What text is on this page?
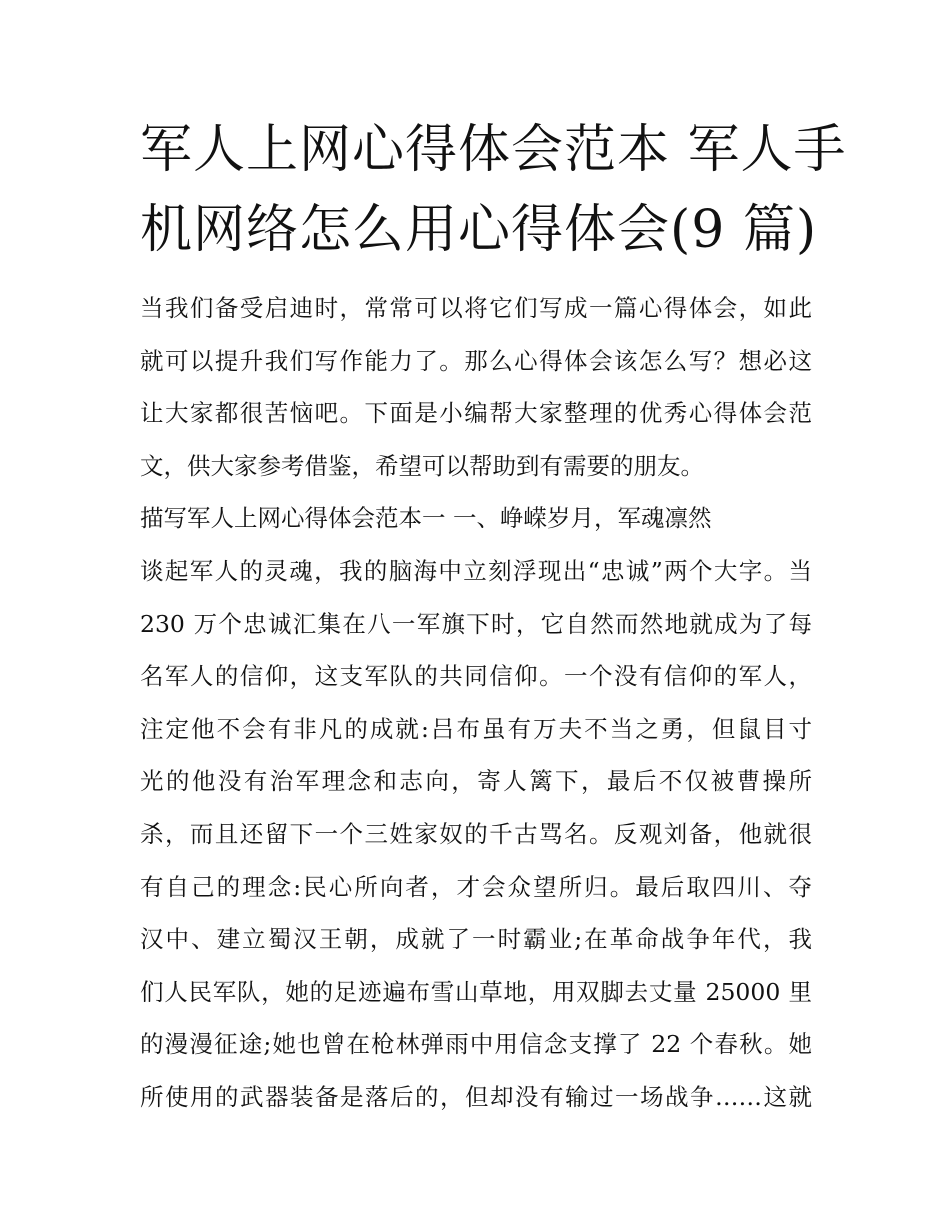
军人上网心得体会范本 军人手
机网络怎么用心得体会(9 篇)
当我们备受启迪时，常常可以将它们写成一篇心得体会，如此
就可以提升我们写作能力了。那么心得体会该怎么写？想必这
让大家都很苦恼吧。下面是小编帮大家整理的优秀心得体会范
文，供大家参考借鉴，希望可以帮助到有需要的朋友。
描写军人上网心得体会范本一 一、峥嵘岁月，军魂凛然
谈起军人的灵魂，我的脑海中立刻浮现出“忠诚”两个大字。当
230 万个忠诚汇集在八一军旗下时，它自然而然地就成为了每
名军人的信仰，这支军队的共同信仰。一个没有信仰的军人，
注定他不会有非凡的成就:吕布虽有万夫不当之勇，但鼠目寸
光的他没有治军理念和志向，寄人篱下，最后不仅被曹操所
杀，而且还留下一个三姓家奴的千古骂名。反观刘备，他就很
有自己的理念:民心所向者，才会众望所归。最后取四川、夺
汉中、建立蜀汉王朝，成就了一时霸业;在革命战争年代，我
们人民军队，她的足迹遍布雪山草地，用双脚去丈量 25000 里
的漫漫征途;她也曾在枪林弹雨中用信念支撑了 22 个春秋。她
所使用的武器装备是落后的，但却没有输过一场战争……这就
